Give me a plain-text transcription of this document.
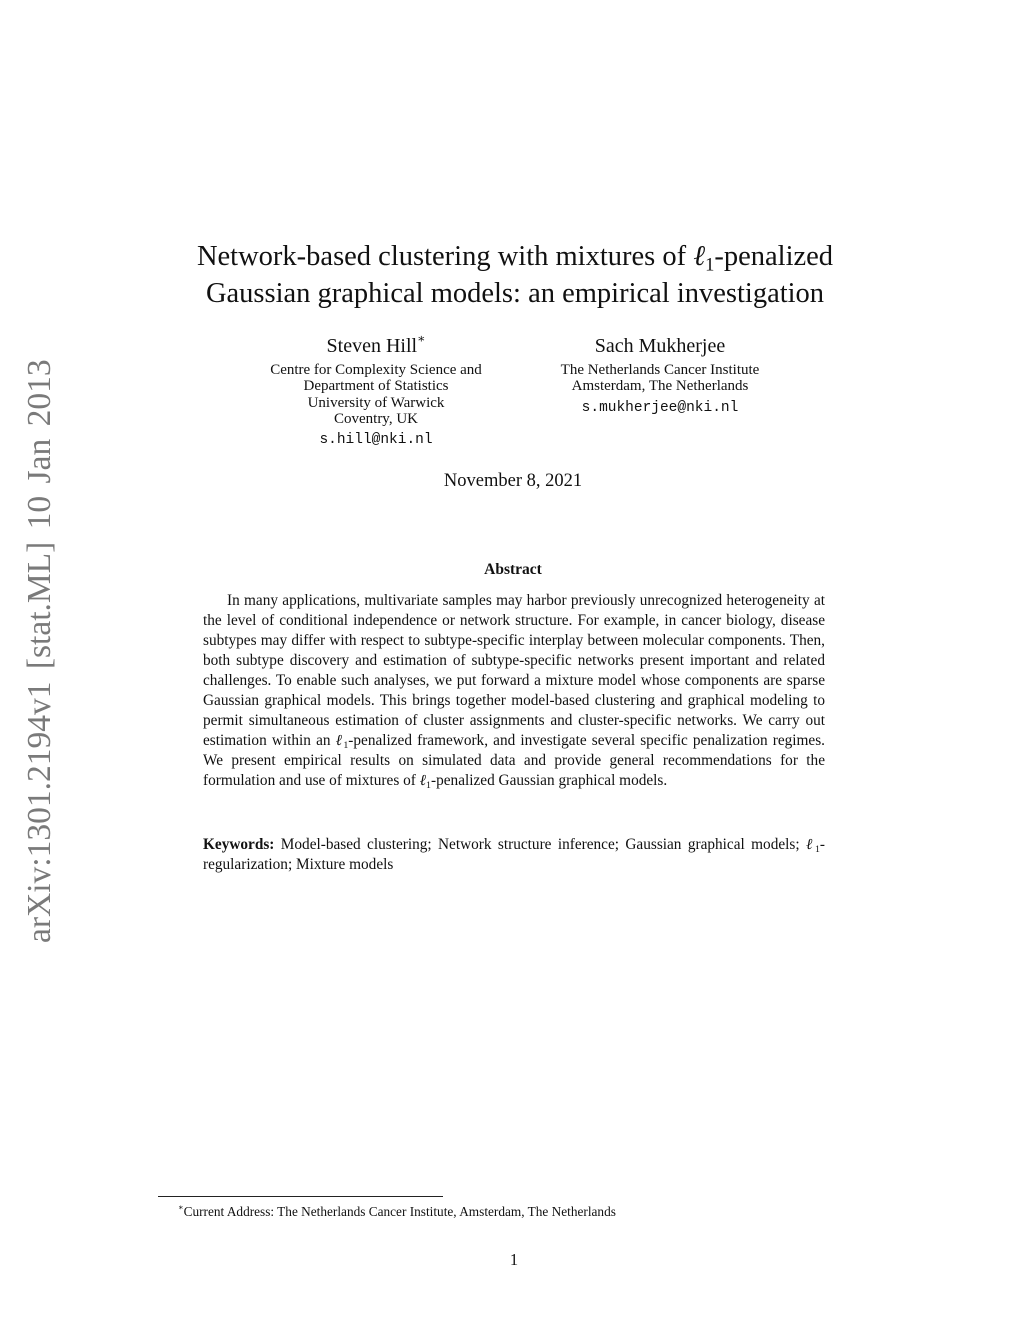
arXiv:1301.2194v1 [stat.ML] 10 Jan 2013
Network-based clustering with mixtures of ℓ$_1$-penalized
Gaussian graphical models: an empirical investigation
Steven Hill∗
Centre for Complexity Science and
Department of Statistics
University of Warwick
Coventry, UK
s.hill@nki.nl
Sach Mukherjee
The Netherlands Cancer Institute
Amsterdam, The Netherlands
s.mukherjee@nki.nl
November 8, 2021
Abstract
In many applications, multivariate samples may harbor previously unrecognized heterogeneity at the level of conditional independence or network structure. For example, in cancer biology, disease subtypes may differ with respect to subtype-specific interplay between molecular components. Then, both subtype discovery and estimation of subtype-specific networks present important and related challenges. To enable such analyses, we put forward a mixture model whose components are sparse Gaussian graphical models. This brings together model-based clustering and graphical modeling to permit simultaneous estimation of cluster assignments and cluster-specific networks. We carry out estimation within an ℓ$_1$-penalized framework, and investigate several specific penalization regimes. We present empirical results on simulated data and provide general recommendations for the formulation and use of mixtures of ℓ$_1$-penalized Gaussian graphical models.
Keywords: Model-based clustering; Network structure inference; Gaussian graphical models; ℓ$_1$-regularization; Mixture models
∗Current Address: The Netherlands Cancer Institute, Amsterdam, The Netherlands
1
